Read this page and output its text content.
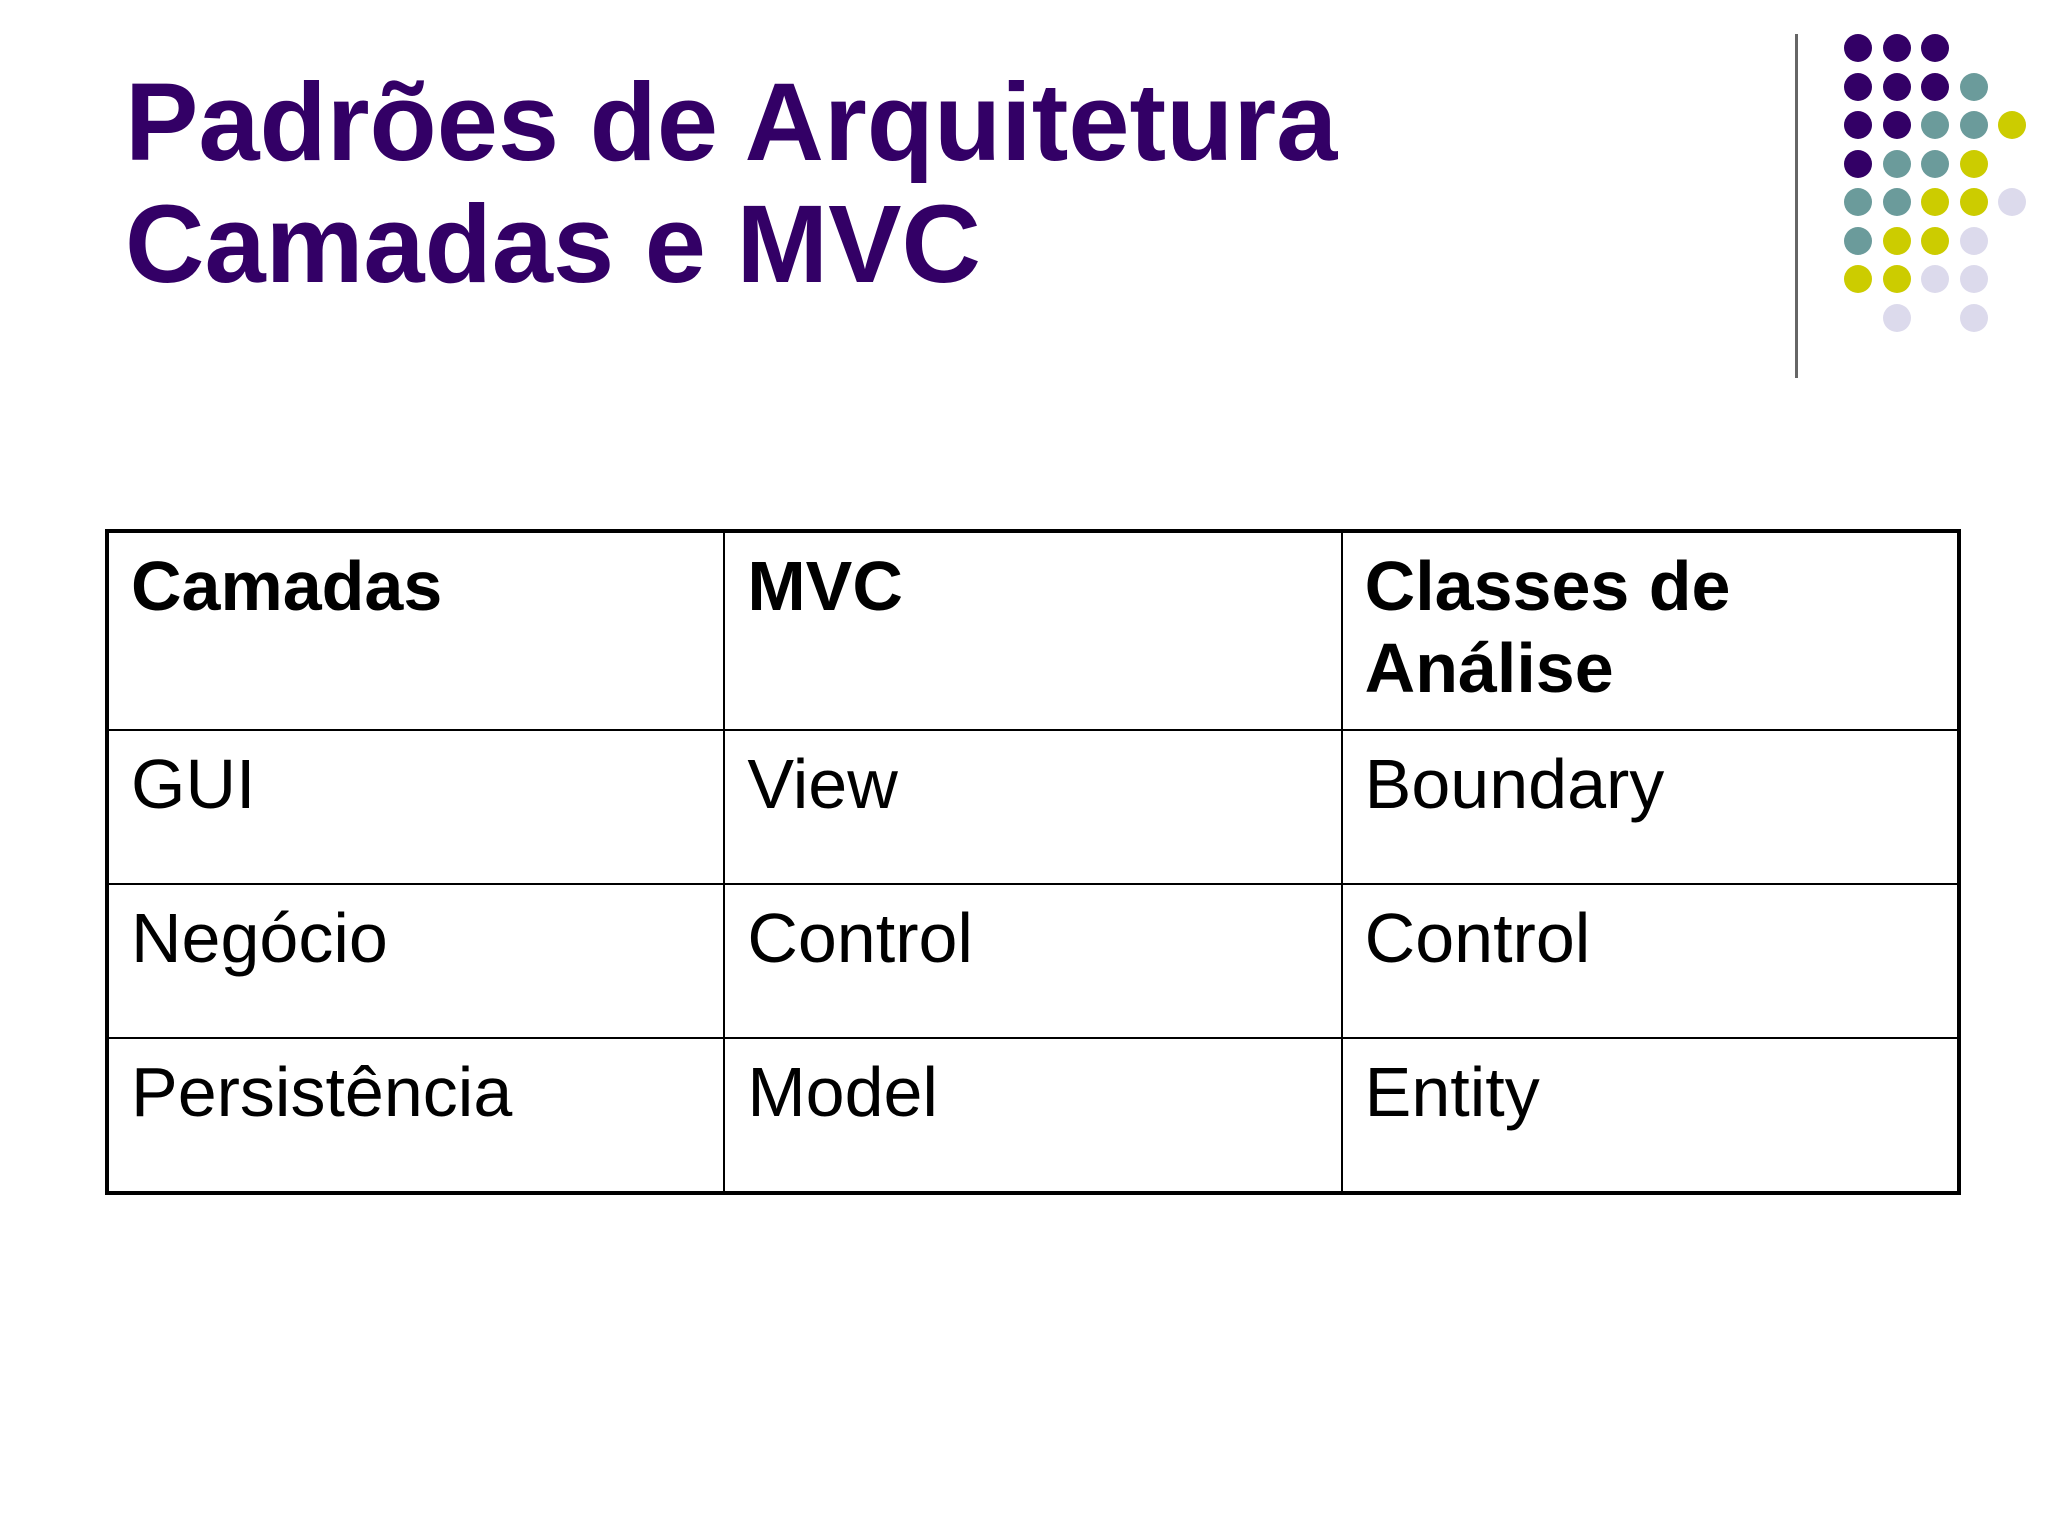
Padrões de Arquitetura
Camadas e MVC
Camadas	MVC	Classes de Análise
GUI	View	Boundary
Negócio	Control	Control
Persistência	Model	Entity
